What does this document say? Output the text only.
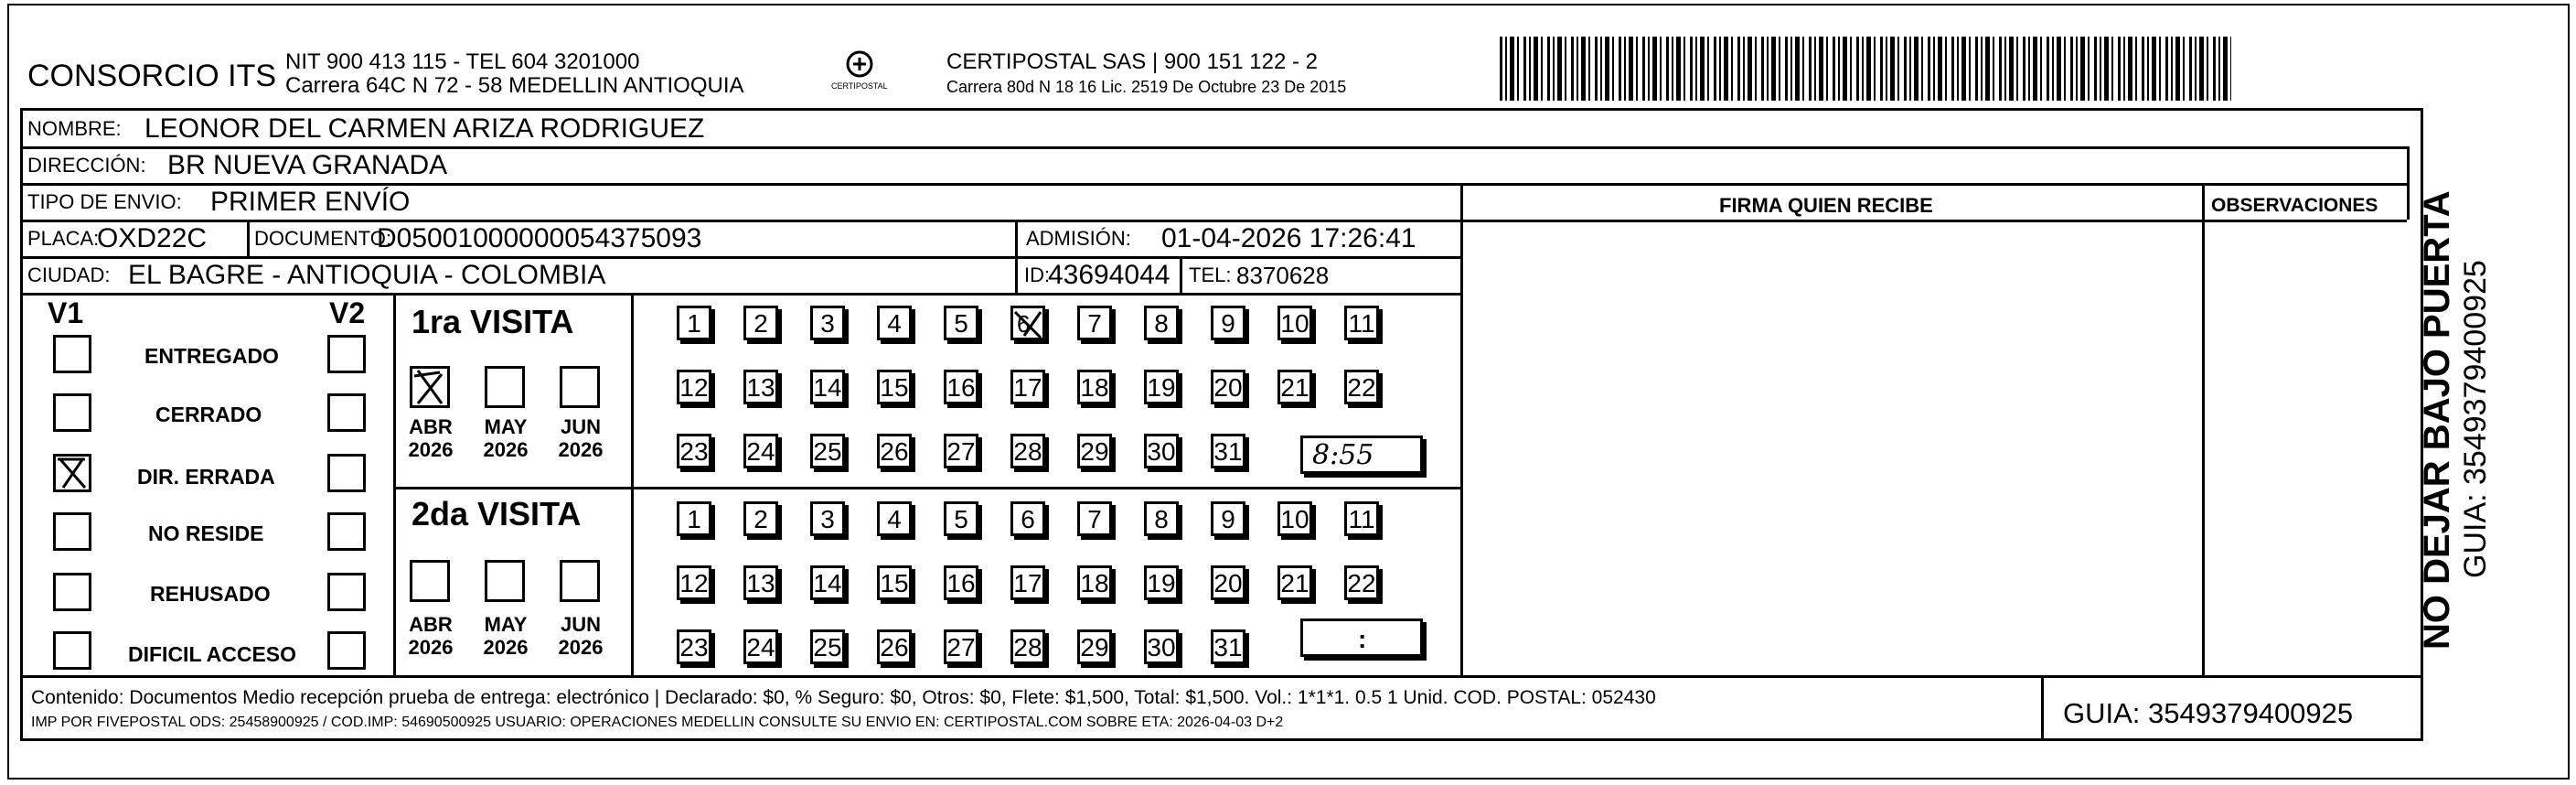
CONSORCIO ITS NIT 900 413 115 - TEL 604 3201000
Carrera 64C N 72 - 58 MEDELLIN ANTIOQUIA	CERTIPOSTAL
CERTIPOSTAL SAS | 900 151 122 - 2
Carrera 80d N 18 16 Lic. 2519 De Octubre 23 De 2015
NOMBRE: LEONOR DEL CARMEN ARIZA RODRIGUEZ
DIRECCIÓN: BR NUEVA GRANADA
TIPO DE ENVIO: PRIMER ENVÍO	FIRMA QUIEN RECIBE	OBSERVACIONES
PLACA:
OXD22C DOCUMENTO:
D05001000000054375093	ADMISIÓN: 01-04-2026 17:26:41
CIUDAD: EL BAGRE - ANTIOQUIA - COLOMBIA	ID:
43694044 TEL: 8370628
V1	V2
ENTREGADO
CERRADO
DIR. ERRADA
NO RESIDE
REHUSADO
DIFICIL ACCESO
1ra VISITA
ABR
2026
MAY
2026
JUN
2026
1	2	3	4	5	6	7	8	9	10 11
12 13 14 15 16 17 18 19 20 21 22
23 24 25 26 27 28 29 30 31	8:55
2da VISITA
ABR
2026
MAY
2026
JUN
2026
1	2	3	4	5	6	7	8	9	10 11
12 13 14 15 16 17 18 19 20 21 22
23 24 25 26 27 28 29 30 31	:
Contenido: Documentos Medio recepción prueba de entrega: electrónico | Declarado: $0, % Seguro: $0, Otros: $0, Flete: $1,500, Total: $1,500. Vol.: 1*1*1. 0.5 1 Unid. COD. POSTAL: 052430
IMP POR FIVEPOSTAL ODS: 25458900925 / COD.IMP: 54690500925 USUARIO: OPERACIONES MEDELLIN CONSULTE SU ENVIO EN: CERTIPOSTAL.COM SOBRE ETA: 2026-04-03 D+2	GUIA: 3549379400925
NO DEJAR BAJO PUERTA GUIA: 3549379400925
